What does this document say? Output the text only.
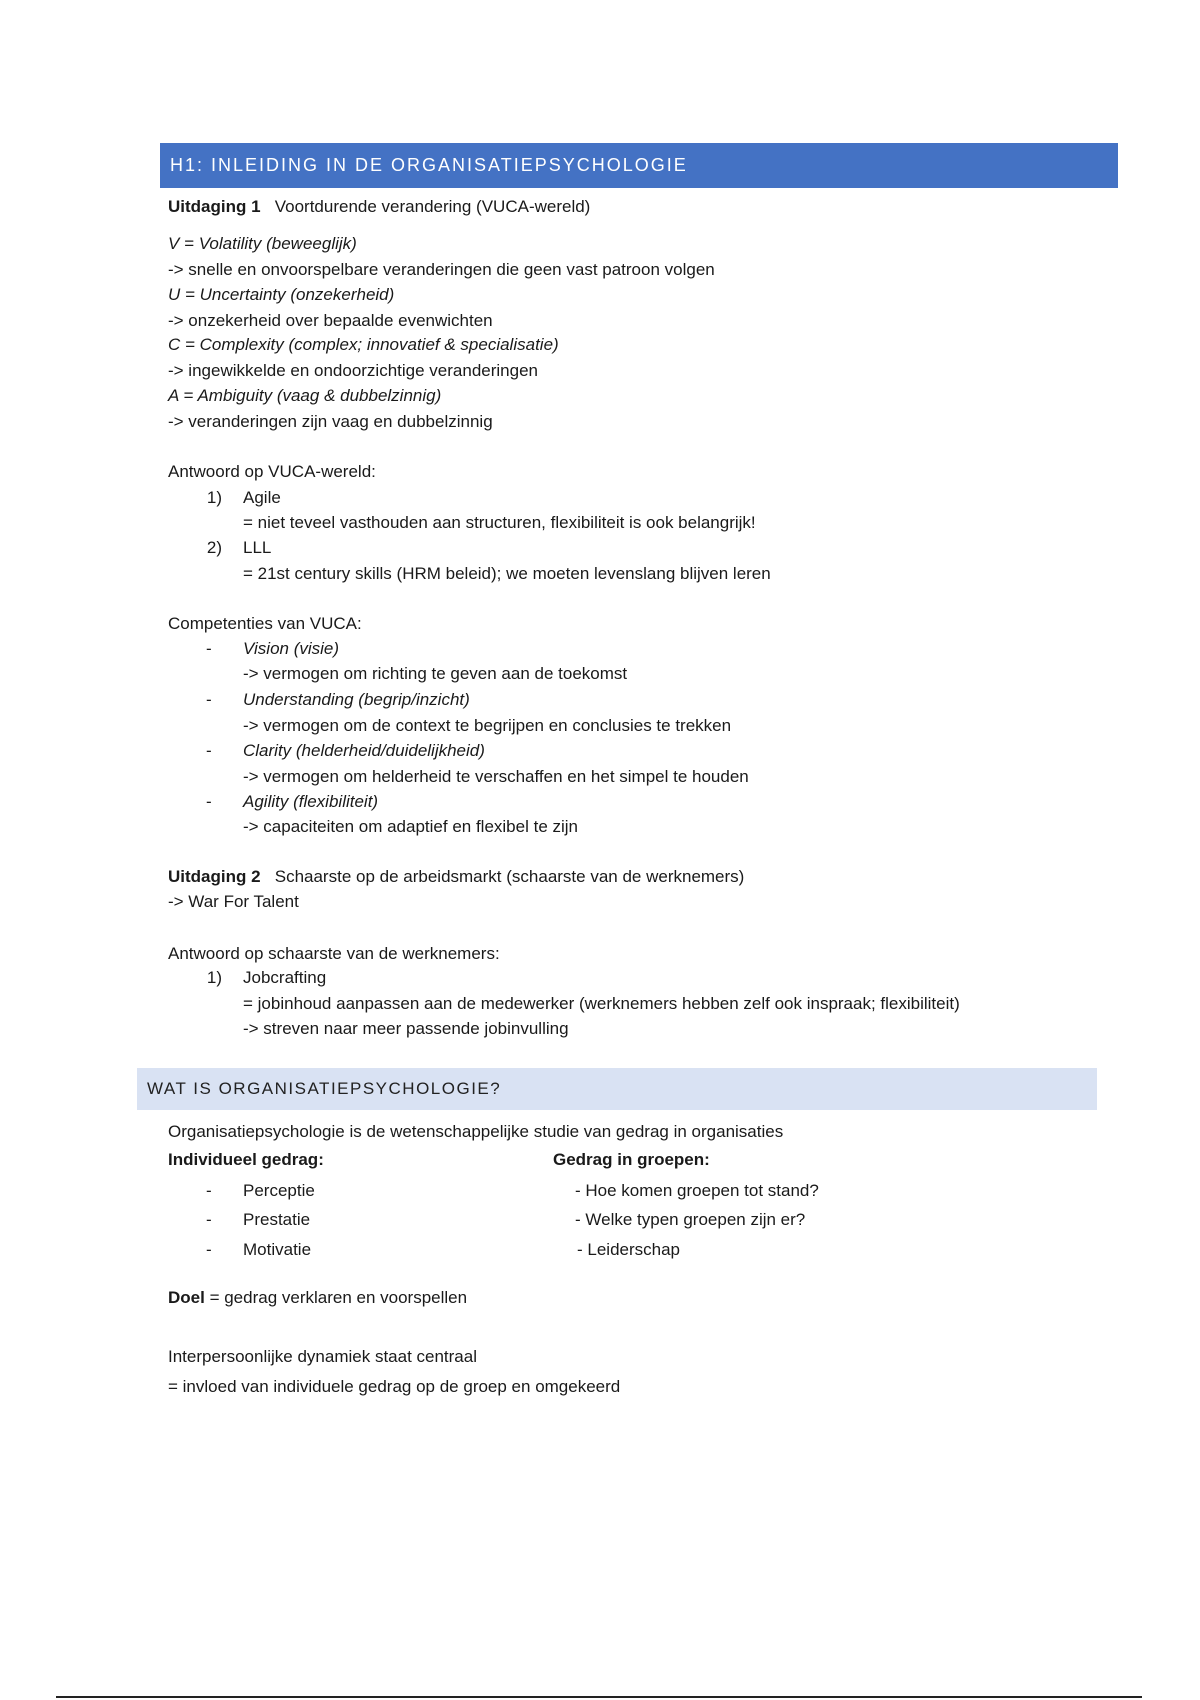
H1: INLEIDING IN DE ORGANISATIEPSYCHOLOGIE
Uitdaging 1 Voortdurende verandering (VUCA-wereld)
V = Volatility (beweeglijk)
-> snelle en onvoorspelbare veranderingen die geen vast patroon volgen
U = Uncertainty (onzekerheid)
-> onzekerheid over bepaalde evenwichten
C = Complexity (complex; innovatief & specialisatie)
-> ingewikkelde en ondoorzichtige veranderingen
A = Ambiguity (vaag & dubbelzinnig)
-> veranderingen zijn vaag en dubbelzinnig
Antwoord op VUCA-wereld:
1) Agile
= niet teveel vasthouden aan structuren, flexibiliteit is ook belangrijk!
2) LLL
= 21st century skills (HRM beleid); we moeten levenslang blijven leren
Competenties van VUCA:
- Vision (visie)
-> vermogen om richting te geven aan de toekomst
- Understanding (begrip/inzicht)
-> vermogen om de context te begrijpen en conclusies te trekken
- Clarity (helderheid/duidelijkheid)
-> vermogen om helderheid te verschaffen en het simpel te houden
- Agility (flexibiliteit)
-> capaciteiten om adaptief en flexibel te zijn
Uitdaging 2 Schaarste op de arbeidsmarkt (schaarste van de werknemers)
-> War For Talent
Antwoord op schaarste van de werknemers:
1) Jobcrafting
= jobinhoud aanpassen aan de medewerker (werknemers hebben zelf ook inspraak; flexibiliteit)
-> streven naar meer passende jobinvulling
WAT IS ORGANISATIEPSYCHOLOGIE?
Organisatiepsychologie is de wetenschappelijke studie van gedrag in organisaties
Individueel gedrag:	Gedrag in groepen:
- Perceptie	- Hoe komen groepen tot stand?
- Prestatie	- Welke typen groepen zijn er?
- Motivatie	- Leiderschap
Doel = gedrag verklaren en voorspellen
Interpersoonlijke dynamiek staat centraal
= invloed van individuele gedrag op de groep en omgekeerd
